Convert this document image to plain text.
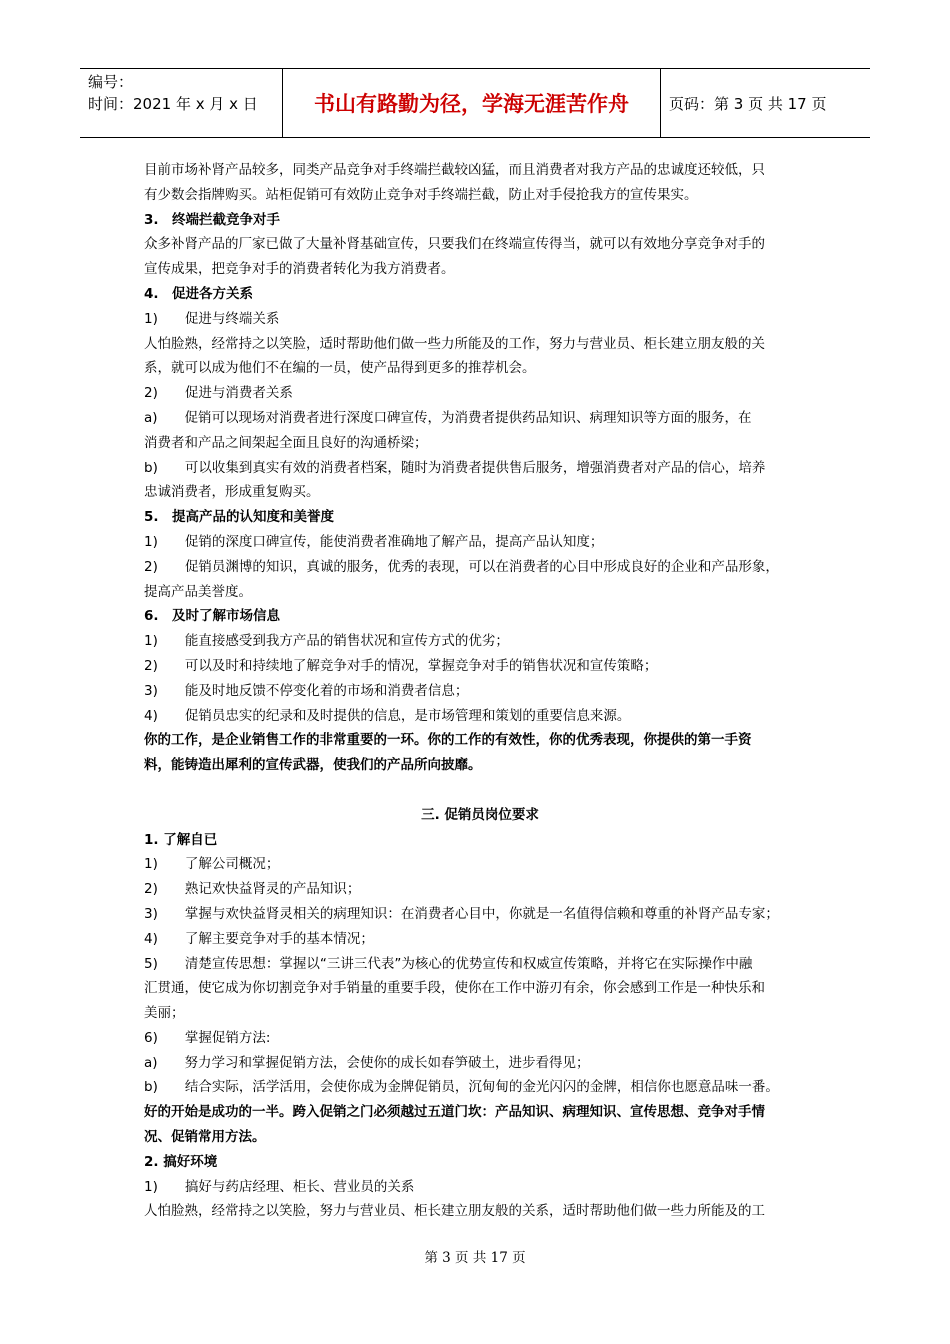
编号：
时间：2021 年 x 月 x 日	书山有路勤为径，学海无涯苦作舟	页码：第 3 页 共 17 页
目前市场补肾产品较多，同类产品竞争对手终端拦截较凶猛，而且消费者对我方产品的忠诚度还较低，只
有少数会指牌购买。站柜促销可有效防止竞争对手终端拦截，防止对手侵抢我方的宣传果实。
3.　终端拦截竞争对手
众多补肾产品的厂家已做了大量补肾基础宣传，只要我们在终端宣传得当，就可以有效地分享竞争对手的
宣传成果，把竞争对手的消费者转化为我方消费者。
4.　促进各方关系
1)　　促进与终端关系
人怕脸熟，经常持之以笑脸，适时帮助他们做一些力所能及的工作，努力与营业员、柜长建立朋友般的关
系，就可以成为他们不在编的一员，使产品得到更多的推荐机会。
2)　　促进与消费者关系
a)　　促销可以现场对消费者进行深度口碑宣传，为消费者提供药品知识、病理知识等方面的服务，在
消费者和产品之间架起全面且良好的沟通桥梁；
b)　　可以收集到真实有效的消费者档案，随时为消费者提供售后服务，增强消费者对产品的信心，培养
忠诚消费者，形成重复购买。
5.　提高产品的认知度和美誉度
1)　　促销的深度口碑宣传，能使消费者准确地了解产品，提高产品认知度；
2)　　促销员渊博的知识，真诚的服务，优秀的表现，可以在消费者的心目中形成良好的企业和产品形象，
提高产品美誉度。
6.　及时了解市场信息
1)　　能直接感受到我方产品的销售状况和宣传方式的优劣；
2)　　可以及时和持续地了解竞争对手的情况，掌握竞争对手的销售状况和宣传策略；
3)　　能及时地反馈不停变化着的市场和消费者信息；
4)　　促销员忠实的纪录和及时提供的信息，是市场管理和策划的重要信息来源。
你的工作，是企业销售工作的非常重要的一环。你的工作的有效性，你的优秀表现，你提供的第一手资
料，能铸造出犀利的宣传武器，使我们的产品所向披靡。
三. 促销员岗位要求
1. 了解自已
1)　　了解公司概况；
2)　　熟记欢快益肾灵的产品知识；
3)　　掌握与欢快益肾灵相关的病理知识：在消费者心目中，你就是一名值得信赖和尊重的补肾产品专家；
4)　　了解主要竞争对手的基本情况；
5)　　清楚宣传思想：掌握以“三讲三代表”为核心的优势宣传和权威宣传策略，并将它在实际操作中融
汇贯通，使它成为你切割竞争对手销量的重要手段，使你在工作中游刃有余，你会感到工作是一种快乐和
美丽；
6)　　掌握促销方法:
a)　　努力学习和掌握促销方法，会使你的成长如春笋破土，进步看得见；
b)　　结合实际，活学活用，会使你成为金牌促销员，沉甸甸的金光闪闪的金牌，相信你也愿意品味一番。
好的开始是成功的一半。跨入促销之门必须越过五道门坎：产品知识、病理知识、宣传思想、竞争对手情
况、促销常用方法。
2. 搞好环境
1)　　搞好与药店经理、柜长、营业员的关系
人怕脸熟，经常持之以笑脸，努力与营业员、柜长建立朋友般的关系，适时帮助他们做一些力所能及的工
第 3 页 共 17 页
